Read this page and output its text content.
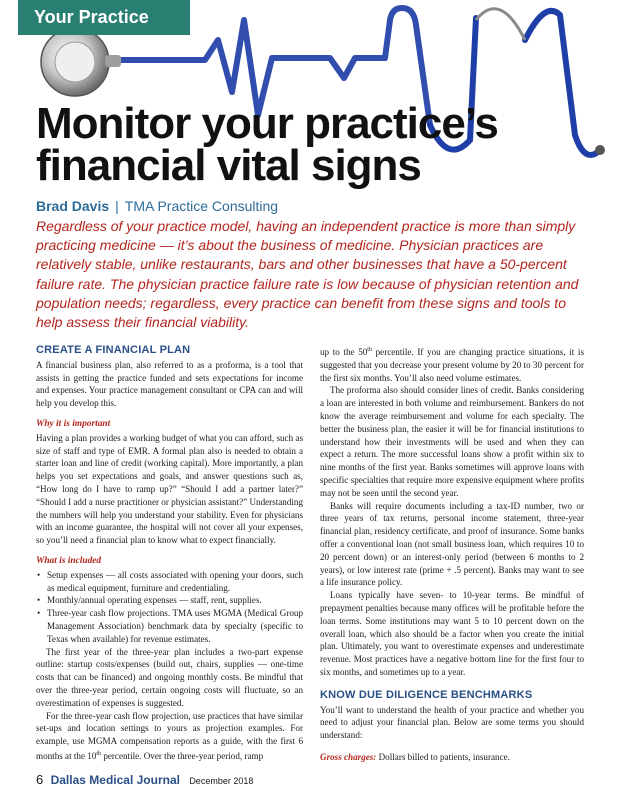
Your Practice
Monitor your practice’s financial vital signs
Brad Davis | TMA Practice Consulting
Regardless of your practice model, having an independent practice is more than simply practicing medicine — it’s about the business of medicine. Physician practices are relatively stable, unlike restaurants, bars and other businesses that have a 50-percent failure rate. The physician practice failure rate is low because of physician retention and population needs; regardless, every practice can benefit from these signs and tools to help assess their financial viability.
CREATE A FINANCIAL PLAN

A financial business plan, also referred to as a proforma, is a tool that assists in getting the practice funded and sets expectations for income and expenses. Your practice management consultant or CPA can and will help you develop this.

Why it is important

Having a plan provides a working budget of what you can afford, such as size of staff and type of EMR. A formal plan also is needed to obtain a starter loan and line of credit (working capital). More importantly, a plan helps you set expectations and goals, and answer questions such as, “How long do I have to ramp up?” “Should I add a partner later?” “Should I add a nurse practitioner or physician assistant?” Understanding the numbers will help you understand your stability. Even for physicians with an income guarantee, the hospital will not cover all your expenses, so you’ll need a financial plan to know what to expect financially.

What is included
• Setup expenses — all costs associated with opening your doors, such as medical equipment, furniture and credentialing.
• Monthly/annual operating expenses — staff, rent, supplies.
• Three-year cash flow projections. TMA uses MGMA (Medical Group Management Association) benchmark data by specialty (specific to Texas when available) for revenue estimates.

The first year of the three-year plan includes a two-part expense outline: startup costs/expenses (build out, chairs, supplies — one-time costs that can be financed) and ongoing monthly costs. Be mindful that over the three-year period, certain ongoing costs will fluctuate, so an overestimation of expenses is suggested.

For the three-year cash flow projection, use practices that have similar set-ups and location settings to yours as projection examples. For example, use MGMA compensation reports as a guide, with the first 6 months at the 10th percentile. Over the three-year period, ramp

up to the 50th percentile. If you are changing practice situations, it is suggested that you decrease your present volume by 20 to 30 percent for the first six months. You’ll also need volume estimates.

The proforma also should consider lines of credit. Banks considering a loan are interested in both volume and reimbursement. Bankers do not know the average reimbursement and volume for each specialty. The better the business plan, the easier it will be for financial institutions to understand how their investments will be used and when they can expect a return. The more successful loans show a profit within six to nine months of the first year. Banks sometimes will approve loans with specific specialties that require more expensive equipment where profits may not be seen until the second year.

Banks will require documents including a tax-ID number, two or three years of tax returns, personal income statement, three-year financial plan, residency certificate, and proof of insurance. Some banks offer a conventional loan (not small business loan, which requires 10 to 20 percent down) or an interest-only period (between 6 months to 2 years), or low interest rate (prime + .5 percent). Banks may want to see a life insurance policy.

Loans typically have seven- to 10-year terms. Be mindful of prepayment penalties because many offices will be profitable before the loan terms. Some institutions may want 5 to 10 percent down on the overall loan, which also should be a factor when you create the initial plan. Ultimately, you want to overestimate expenses and underestimate revenue. Most practices have a negative bottom line for the first four to six months, and sometimes up to a year.

KNOW DUE DILIGENCE BENCHMARKS

You’ll want to understand the health of your practice and whether you need to adjust your financial plan. Below are some terms you should understand:

Gross charges: Dollars billed to patients, insurance.

6 Dallas Medical Journal December 2018
